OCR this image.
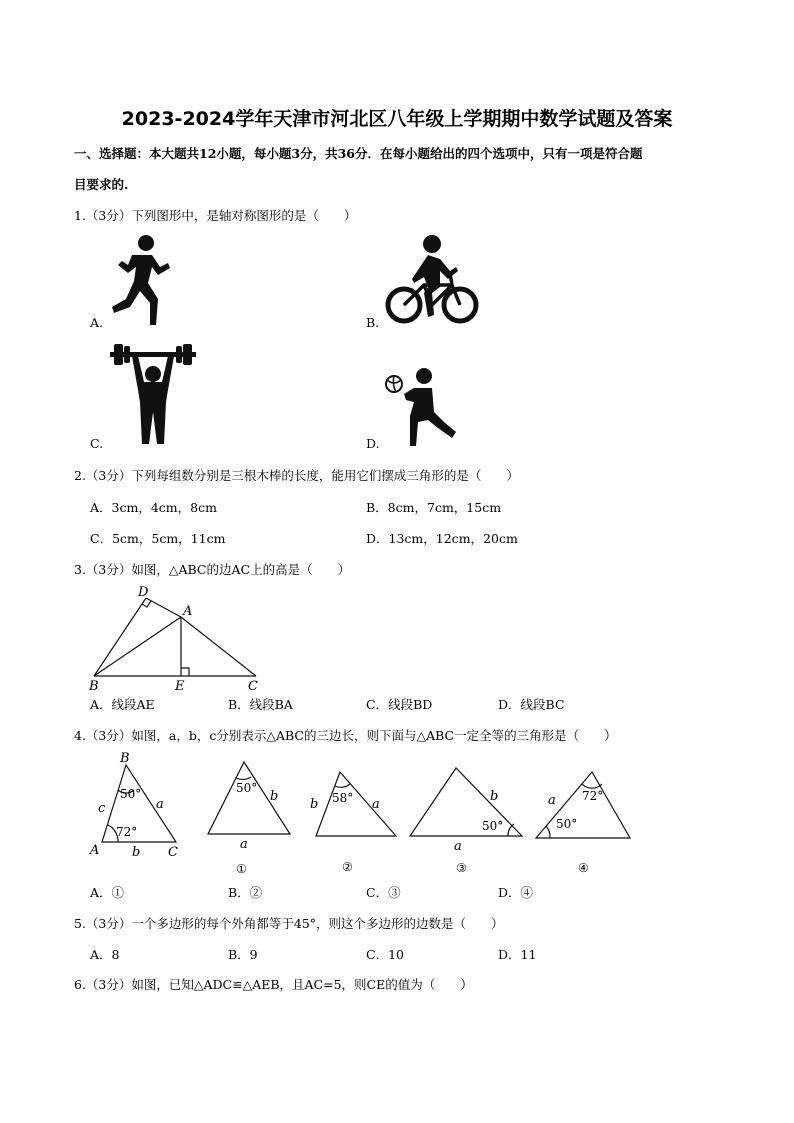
2023-2024学年天津市河北区八年级上学期期中数学试题及答案
一、选择题：本大题共12小题，每小题3分，共36分．在每小题给出的四个选项中，只有一项是符合题
目要求的.
1.（3分）下列图形中，是轴对称图形的是（　　）
A.	B.
C.	D.
2.（3分）下列每组数分别是三根木棒的长度，能用它们摆成三角形的是（　　）
A．3cm，4cm，8cm	B．8cm，7cm，15cm
C．5cm，5cm，11cm	D．13cm，12cm，20cm
3.（3分）如图，△ABC的边AC上的高是（　　）
D
A
B	E	C
A．线段AE	B．线段BA	C．线段BD	D．线段BC
4.（3分）如图，a，b，c分别表示△ABC的三边长，则下面与△ABC一定全等的三角形是（　　）
B
A	C
c	a
b
50°
72°
50°
b
a
①
58°
b	a
②
50°
b
a
③
72°
50°
a
④
A．①	B．②	C．③	D．④
5.（3分）一个多边形的每个外角都等于45°，则这个多边形的边数是（　　）
A．8	B．9	C．10	D．11
6.（3分）如图，已知△ADC≌△AEB，且AC=5，则CE的值为（　　）
